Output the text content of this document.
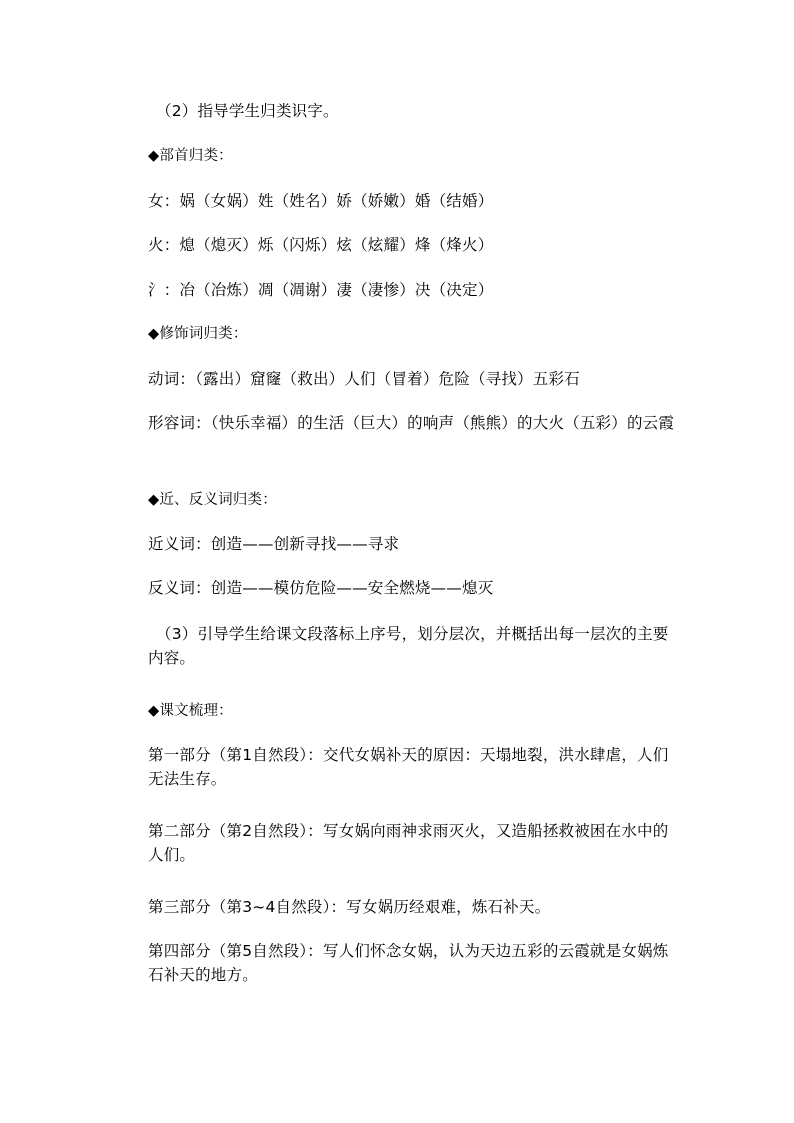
（2）指导学生归类识字。
◆部首归类：
女：娲（女娲）姓（姓名）娇（娇嫩）婚（结婚）
火：熄（熄灭）烁（闪烁）炫（炫耀）烽（烽火）
氵：冶（冶炼）凋（凋谢）凄（凄惨）决（决定）
◆修饰词归类：
动词：（露出）窟窿（救出）人们（冒着）危险（寻找）五彩石
形容词：（快乐幸福）的生活（巨大）的响声（熊熊）的大火（五彩）的云霞
◆近、反义词归类：
近义词：创造——创新寻找——寻求
反义词：创造——模仿危险——安全燃烧——熄灭
（3）引导学生给课文段落标上序号，划分层次，并概括出每一层次的主要内容。
◆课文梳理：
第一部分（第1自然段）：交代女娲补天的原因：天塌地裂，洪水肆虐，人们无法生存。
第二部分（第2自然段）：写女娲向雨神求雨灭火，又造船拯救被困在水中的人们。
第三部分（第3~4自然段）：写女娲历经艰难，炼石补天。
第四部分（第5自然段）：写人们怀念女娲，认为天边五彩的云霞就是女娲炼石补天的地方。
